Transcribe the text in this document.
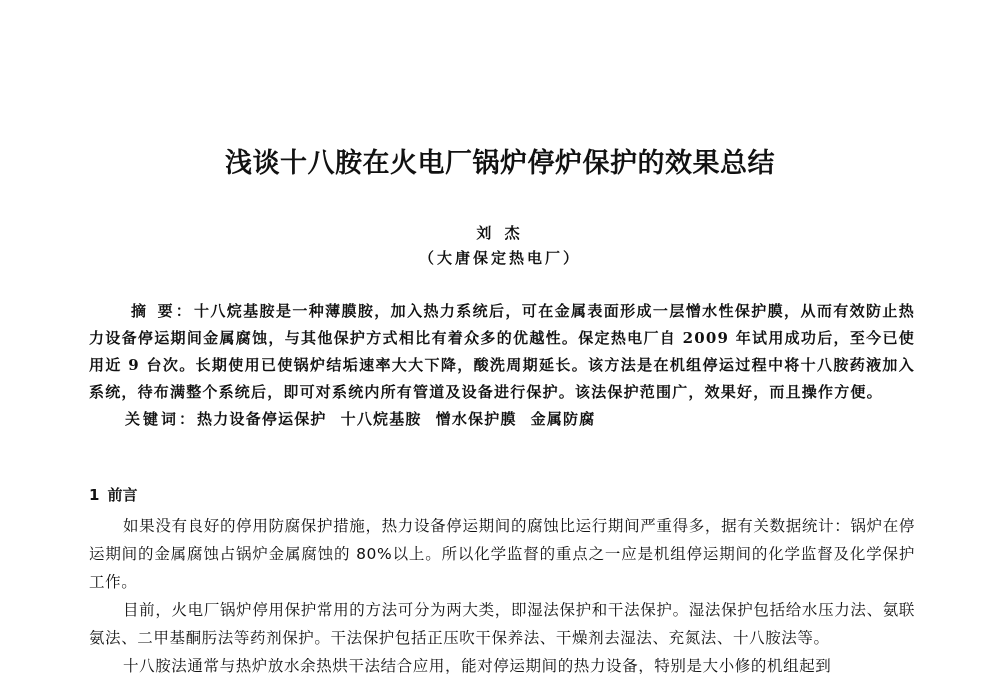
浅谈十八胺在火电厂锅炉停炉保护的效果总结
刘 杰
（大唐保定热电厂）

摘 要：十八烷基胺是一种薄膜胺，加入热力系统后，可在金属表面形成一层憎水性保护膜，从而有效防止热力设备停运期间金属腐蚀，与其他保护方式相比有着众多的优越性。保定热电厂自 2009 年试用成功后，至今已使用近 9 台次。长期使用已使锅炉结垢速率大大下降，酸洗周期延长。该方法是在机组停运过程中将十八胺药液加入系统，待布满整个系统后，即可对系统内所有管道及设备进行保护。该法保护范围广，效果好，而且操作方便。

关键词：热力设备停运保护 十八烷基胺 憎水保护膜 金属防腐

1 前言

如果没有良好的停用防腐保护措施，热力设备停运期间的腐蚀比运行期间严重得多，据有关数据统计：锅炉在停运期间的金属腐蚀占锅炉金属腐蚀的 80%以上。所以化学监督的重点之一应是机组停运期间的化学监督及化学保护工作。

目前，火电厂锅炉停用保护常用的方法可分为两大类，即湿法保护和干法保护。湿法保护包括给水压力法、氨联氨法、二甲基酮肟法等药剂保护。干法保护包括正压吹干保养法、干燥剂去湿法、充氮法、十八胺法等。

十八胺法通常与热炉放水余热烘干法结合应用，能对停运期间的热力设备，特别是大小修的机组起到
